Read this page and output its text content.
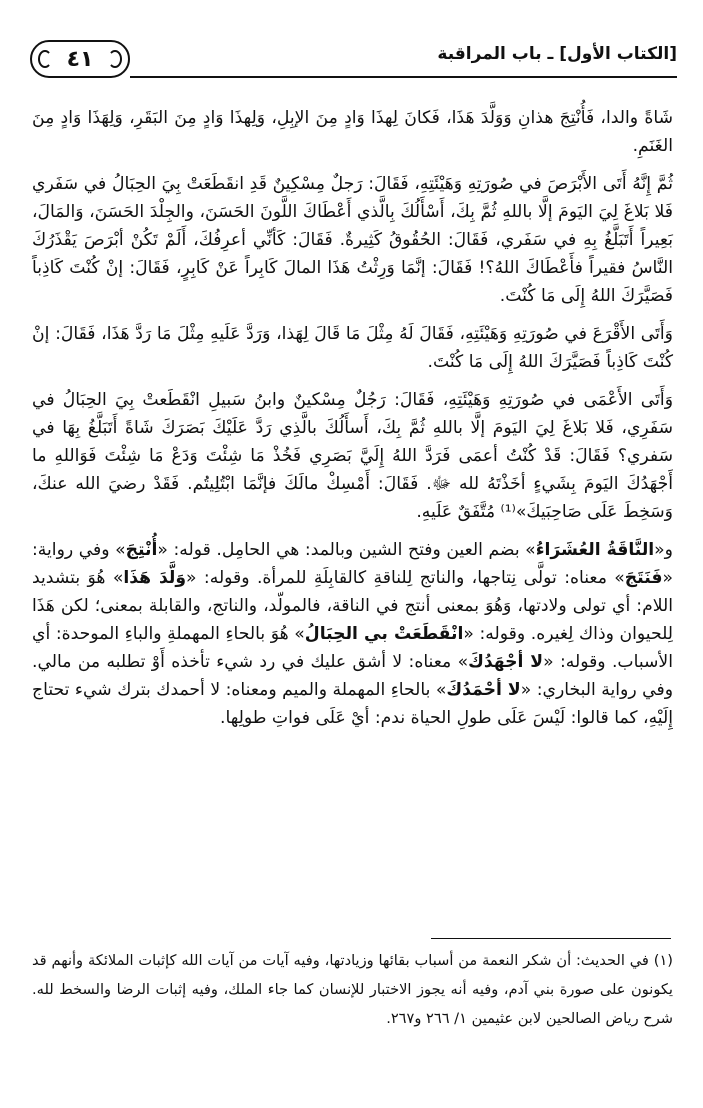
٤١	[الكتاب الأول] ـ باب المراقبة

شَاةً والدا، فَأُنْتِجَ هذانِ وَوَلَّدَ هَذَا، فَكانَ لِهذَا وَادٍ مِنَ الإبِلِ، وَلِهذَا وَادٍ مِنَ البَقَرِ، وَلِهَذَا وَادٍ مِنَ الغَنَمِ.

ثُمَّ إِنَّهُ أَتَى الأَبْرَصَ في صُورَتِهِ وَهَيْئَتِهِ، فَقَالَ: رَجلٌ مِسْكِينٌ قَدِ انقَطَعَتْ بِيَ الحِبَالُ في سَفَري فَلا بَلاغَ لِيَ اليَومَ إلَّا باللهِ ثُمَّ بِكَ، أَسْأَلُكَ بِالَّذي أَعْطَاكَ اللَّونَ الحَسَنَ، والجِلْدَ الحَسَنَ، وَالمَالَ، بَعِيراً أَتَبَلَّغُ بِهِ في سَفَري، فَقَالَ: الحُقُوقُ كَثِيرةٌ. فَقَالَ: كَأنِّي أعرِفُكَ، أَلَمْ تَكُنْ أبْرَصَ يَقْذَرُكَ النَّاسُ فقيراً فأَعْطَاكَ اللهُ؟! فَقَالَ: إنَّمَا وَرِثْتُ هَذَا المالَ كَابِراً عَنْ كَابِرٍ، فَقَالَ: إنْ كُنْتَ كَاذِباً فَصَيَّرَكَ اللهُ إِلَى مَا كُنْتَ.

وَأَتَى الأَقْرَعَ في صُورَتِهِ وَهَيْئَتِهِ، فَقَالَ لَهُ مِثْلَ مَا قَالَ لِهَذا، وَرَدَّ عَلَيهِ مِثْلَ مَا رَدَّ هَذَا، فَقَالَ: إنْ كُنْتَ كَاذِباً فَصَيَّرَكَ اللهُ إِلَى مَا كُنْتَ.

وَأَتَى الأَعْمَى في صُورَتِهِ وَهَيْئَتِهِ، فَقَالَ: رَجُلٌ مِسْكينٌ وابنُ سَبيلِ انْقَطَعتْ بِيَ الحِبَالُ في سَفَرِي، فَلا بَلاغَ لِيَ اليَومَ إلَّا باللهِ ثُمَّ بِكَ، أَسأَلُكَ بالَّذِي رَدَّ عَلَيْكَ بَصَرَكَ شَاةً أَتَبَلَّغُ بِهَا في سَفري؟ فَقَالَ: قَدْ كُنْتُ أعمَى فَرَدَّ اللهُ إِلَيَّ بَصَرِي فَخُذْ مَا شِئْتَ وَدَعْ مَا شِئْتَ فَوَاللهِ ما أَجْهَدُكَ اليَومَ بِشَيءٍ أخَذْتَهُ لله ﷻ. فَقَالَ: أَمْسِكْ مالَكَ فإنَّمَا ابْتُلِيتُم. فَقَدْ رضيَ الله عنكَ، وَسَخِطَ عَلَى صَاحِبَيكَ»⁽¹⁾ مُتَّفَقٌ عَلَيهِ.

و«النَّاقَةُ العُشَرَاءُ» بضم العين وفتح الشين وبالمد: هي الحامِل. قوله: «أُنْتِجَ» وفي رواية: «فَنَتَجَ» معناه: تولَّى نِتاجها، والناتج لِلناقةِ كالقابِلَةِ للمرأة. وقوله: «وَلَّدَ هَذَا» هُوَ بتشديد اللام: أي تولى ولادتها، وَهُوَ بمعنى أنتج في الناقة، فالمولّد، والناتج، والقابلة بمعنى؛ لكن هَذَا لِلحيوان وذاك لِغيره. وقوله: «انْقَطَعَتْ بي الحِبَالُ» هُوَ بالحاءِ المهملةِ والباءِ الموحدة: أي الأسباب. وقوله: «لا أجْهَدُكَ» معناه: لا أشق عليك في رد شيء تأخذه أَوْ تطلبه من مالي. وفي رواية البخاري: «لا أحْمَدُكَ» بالحاءِ المهملة والميم ومعناه: لا أحمدك بترك شيء تحتاج إِلَيْهِ، كما قالوا: لَيْسَ عَلَى طولِ الحياة ندم: أيْ عَلَى فواتِ طولِها.

(١) في الحديث: أن شكر النعمة من أسباب بقائها وزيادتها، وفيه آيات من آيات الله كإثبات الملائكة وأنهم قد يكونون على صورة بني آدم، وفيه أنه يجوز الاختبار للإنسان كما جاء الملك، وفيه إثبات الرضا والسخط لله. شرح رياض الصالحين لابن عثيمين ١/ ٢٦٦ و٢٦٧.
